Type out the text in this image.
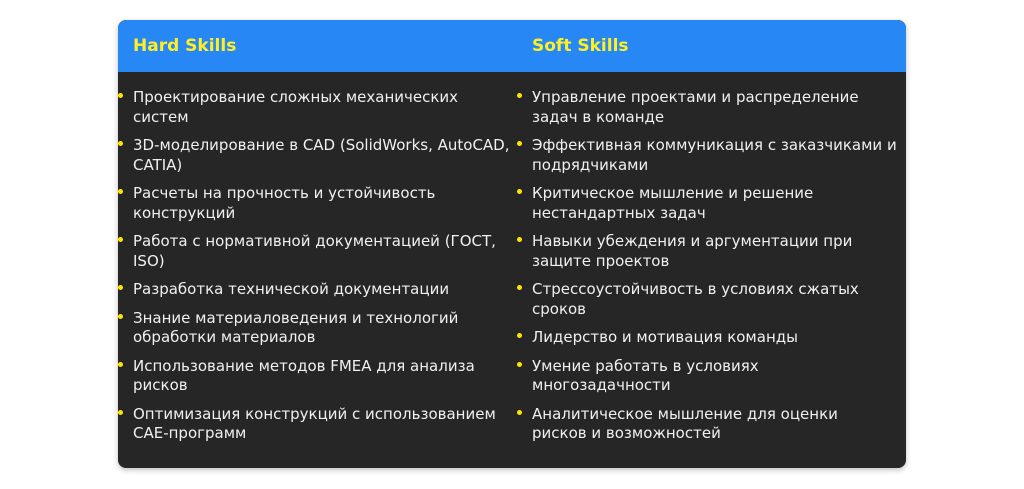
Hard Skills	Soft Skills
Проектирование сложных механических систем
3D-моделирование в CAD (SolidWorks, AutoCAD, CATIA)
Расчеты на прочность и устойчивость конструкций
Работа с нормативной документацией (ГОСТ, ISO)
Разработка технической документации
Знание материаловедения и технологий обработки материалов
Использование методов FMEA для анализа рисков
Оптимизация конструкций с использованием CAE-программ
Управление проектами и распределение задач в команде
Эффективная коммуникация с заказчиками и подрядчиками
Критическое мышление и решение нестандартных задач
Навыки убеждения и аргументации при защите проектов
Стрессоустойчивость в условиях сжатых сроков
Лидерство и мотивация команды
Умение работать в условиях многозадачности
Аналитическое мышление для оценки рисков и возможностей
